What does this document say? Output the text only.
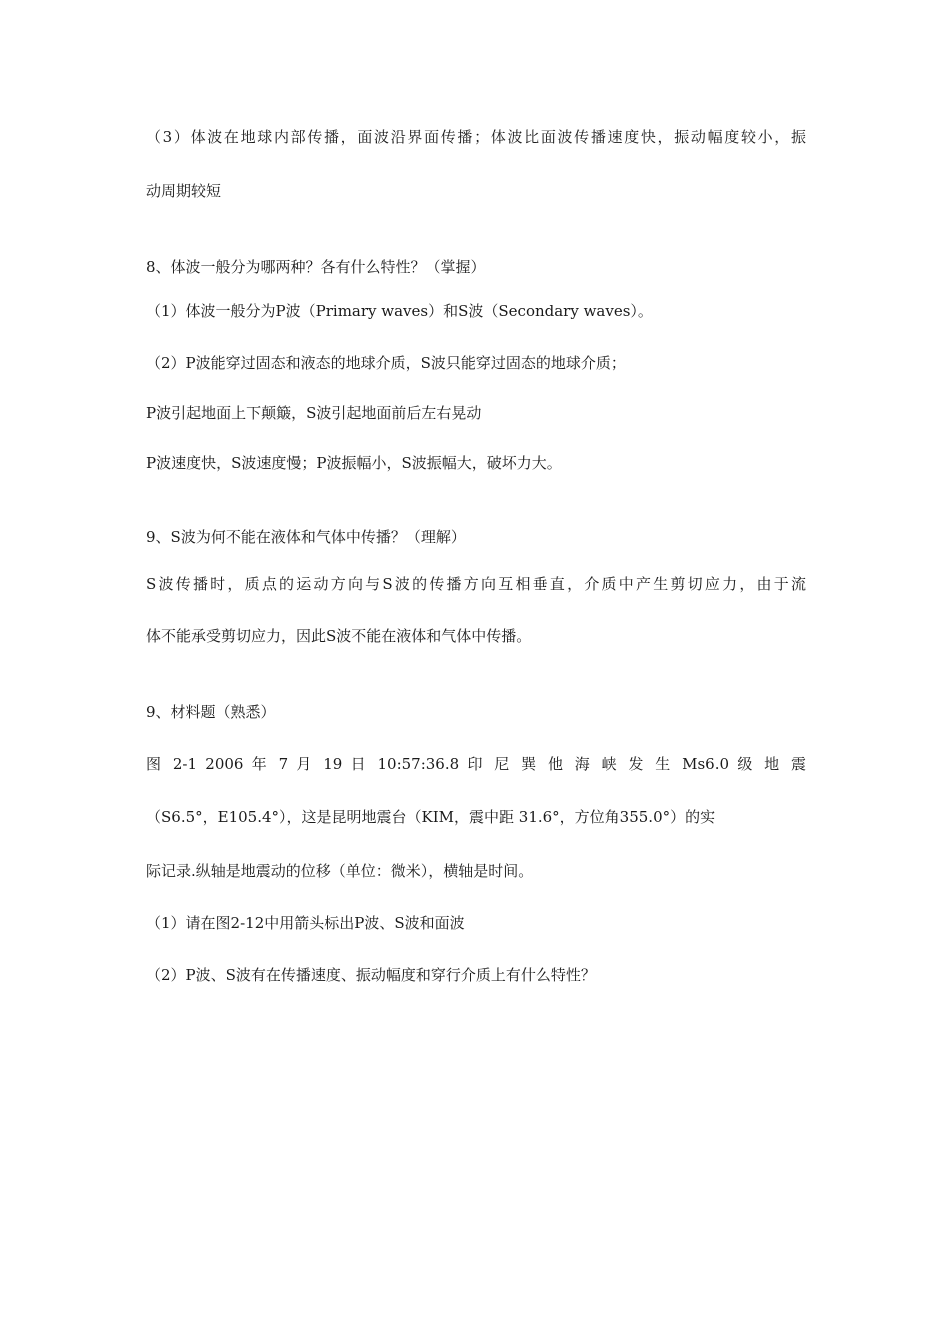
（3）体波在地球内部传播，面波沿界面传播；体波比面波传播速度快，振动幅度较小，振
动周期较短
8、体波一般分为哪两种？各有什么特性？（掌握）
（1）体波一般分为P波（Primary waves）和S波（Secondary waves）。
（2）P波能穿过固态和液态的地球介质，S波只能穿过固态的地球介质；
P波引起地面上下颠簸，S波引起地面前后左右晃动
P波速度快，S波速度慢；P波振幅小，S波振幅大，破坏力大。
9、S波为何不能在液体和气体中传播？（理解）
S波传播时，质点的运动方向与S波的传播方向互相垂直，介质中产生剪切应力，由于流
体不能承受剪切应力，因此S波不能在液体和气体中传播。
9、材料题（熟悉）
图 2-1 2006 年 7 月 19 日 10:57:36.8 印 尼 巽 他 海 峡 发 生 Ms6.0 级 地 震
（S6.5°，E105.4°），这是昆明地震台（KIM，震中距 31.6°，方位角355.0°）的实
际记录.纵轴是地震动的位移（单位：微米），横轴是时间。
（1）请在图2-12中用箭头标出P波、S波和面波
（2）P波、S波有在传播速度、振动幅度和穿行介质上有什么特性？
